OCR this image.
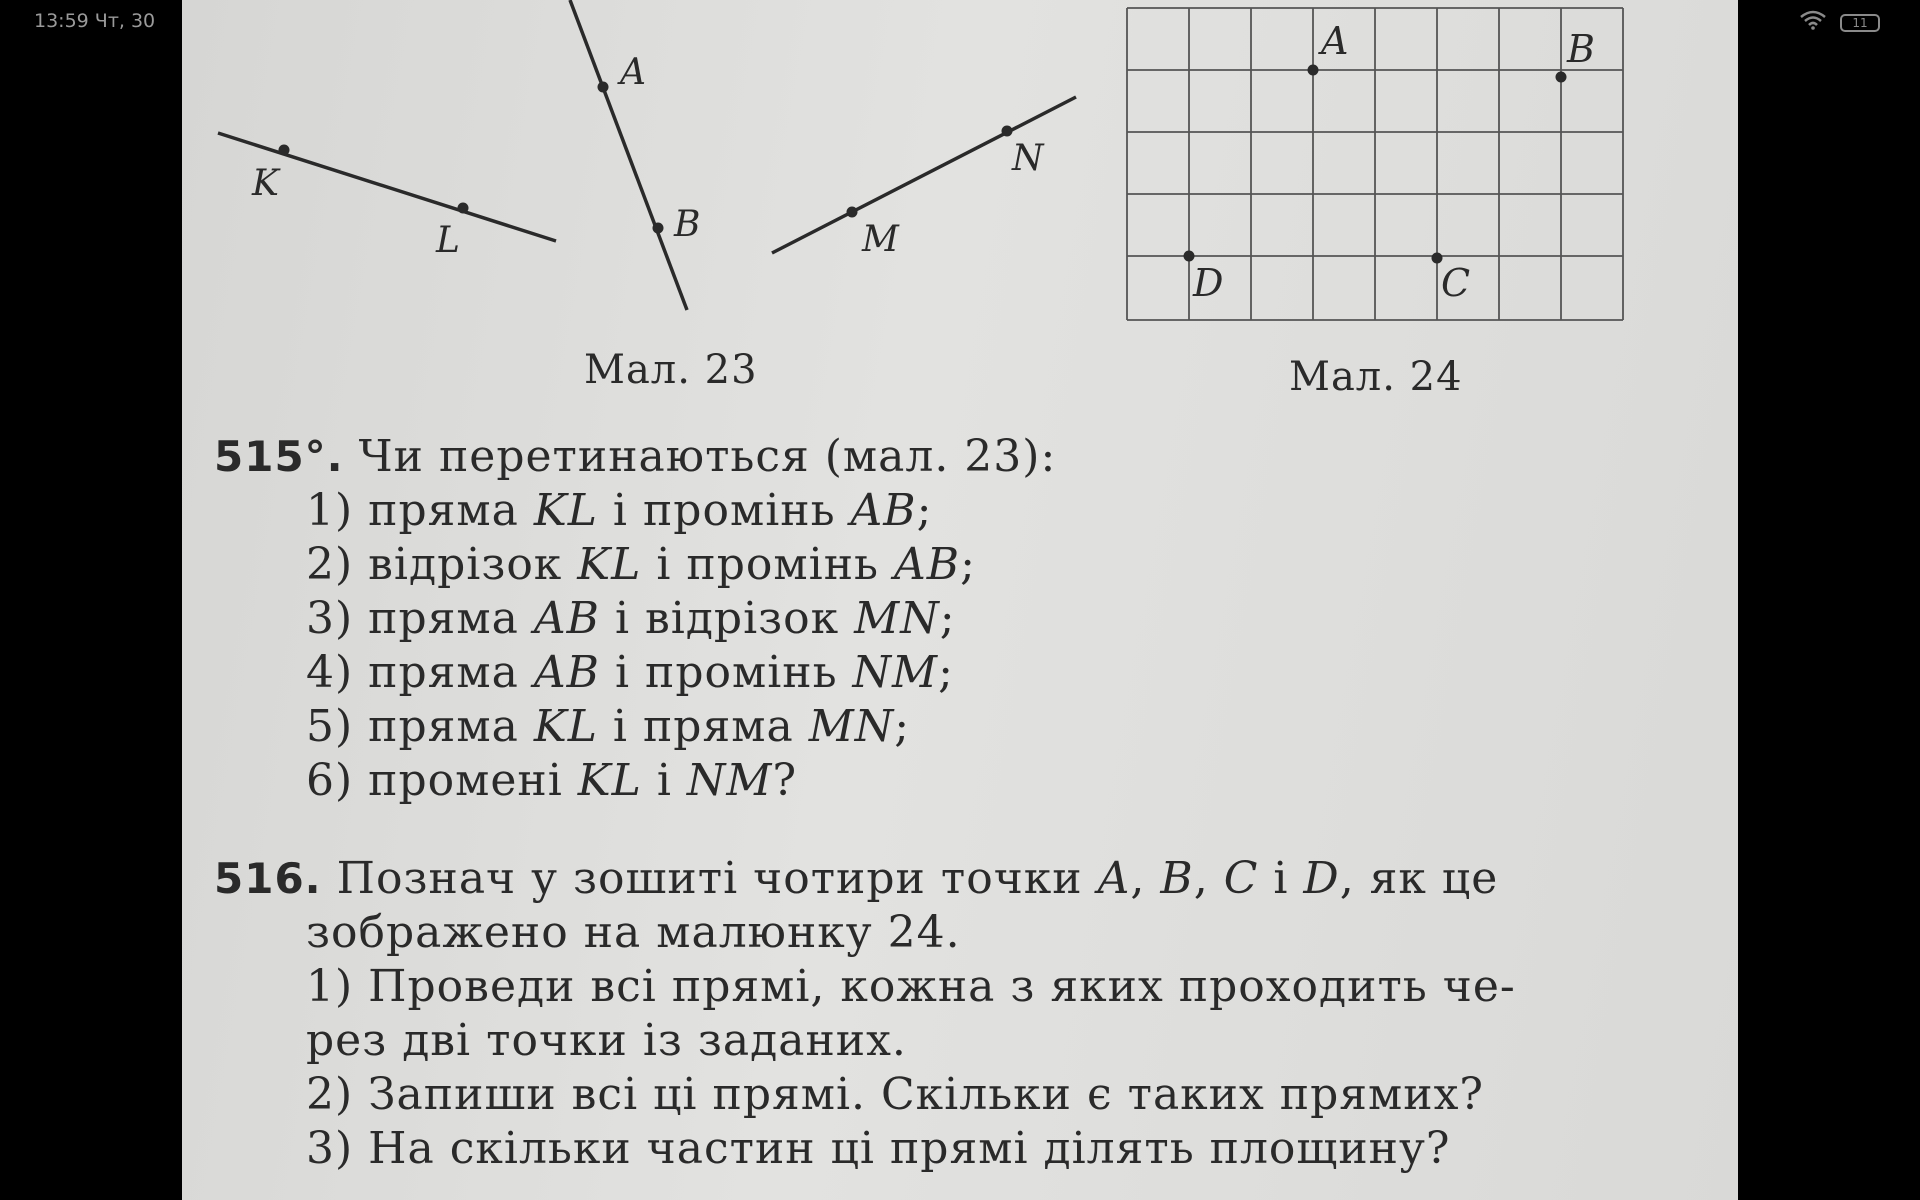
13:59 Чт, 30	11
K
L
A
B	M
N
Мал. 23
A	B
D	C
Мал. 24
515°. Чи перетинаються (мал. 23):
1) пряма KL і промінь AB;
2) відрізок KL і промінь AB;
3) пряма AB і відрізок MN;
4) пряма AB і промінь NM;
5) пряма KL і пряма MN;
6) промені KL і NM?
516. Познач у зошиті чотири точки A, B, C і D, як це
зображено на малюнку 24.
1) Проведи всі прямі, кожна з яких проходить че-
рез дві точки із заданих.
2) Запиши всі ці прямі. Скільки є таких прямих?
3) На скільки частин ці прямі ділять площину?
